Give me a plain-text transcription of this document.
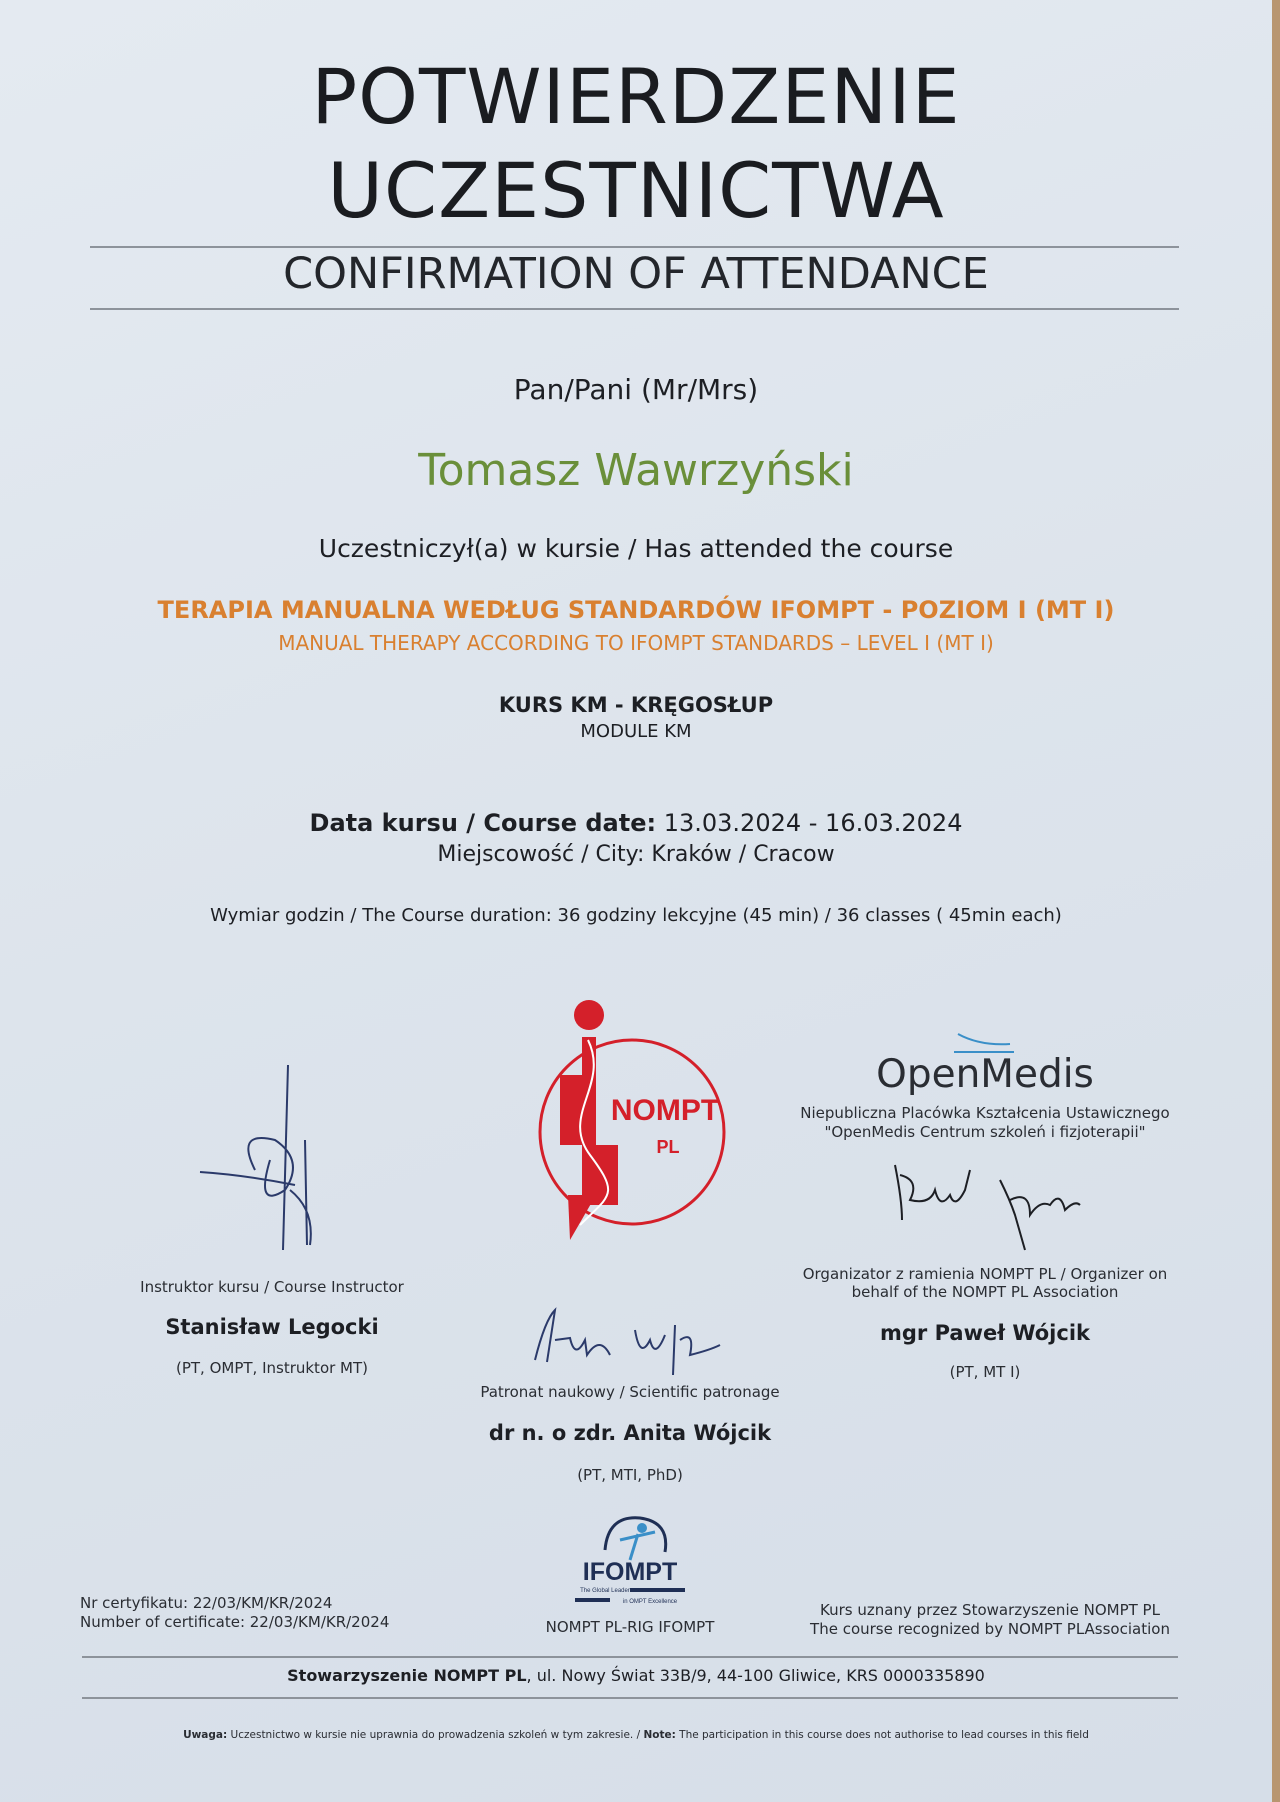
POTWIERDZENIE
UCZESTNICTWA
CONFIRMATION OF ATTENDANCE
Pan/Pani (Mr/Mrs)
Tomasz Wawrzyński
Uczestniczył(a) w kursie / Has attended the course
TERAPIA MANUALNA WEDŁUG STANDARDÓW IFOMPT - POZIOM I (MT I)
MANUAL THERAPY ACCORDING TO IFOMPT STANDARDS – LEVEL I (MT I)
KURS KM - KRĘGOSŁUP
MODULE KM
Data kursu / Course date: 13.03.2024 - 16.03.2024
Miejscowość / City: Kraków / Cracow
Wymiar godzin / The Course duration: 36 godziny lekcyjne (45 min) / 36 classes ( 45min each)
NOMPT
PL
OpenMedis
Niepubliczna Placówka Kształcenia Ustawicznego
"OpenMedis Centrum szkoleń i fizjoterapii"
Instruktor kursu / Course Instructor
Stanisław Legocki
(PT, OMPT, Instruktor MT)
Patronat naukowy / Scientific patronage
dr n. o zdr. Anita Wójcik
(PT, MTI, PhD)
Organizator z ramienia NOMPT PL / Organizer on
behalf of the NOMPT PL Association
mgr Paweł Wójcik
(PT, MT I)
IFOMPT
The Global Leader
in OMPT Excellence
NOMPT PL-RIG IFOMPT
Nr certyfikatu: 22/03/KM/KR/2024
Number of certificate: 22/03/KM/KR/2024
Kurs uznany przez Stowarzyszenie NOMPT PL
The course recognized by NOMPT PLAssociation
Stowarzyszenie NOMPT PL, ul. Nowy Świat 33B/9, 44-100 Gliwice, KRS 0000335890
Uwaga: Uczestnictwo w kursie nie uprawnia do prowadzenia szkoleń w tym zakresie. / Note: The participation in this course does not authorise to lead courses in this field
